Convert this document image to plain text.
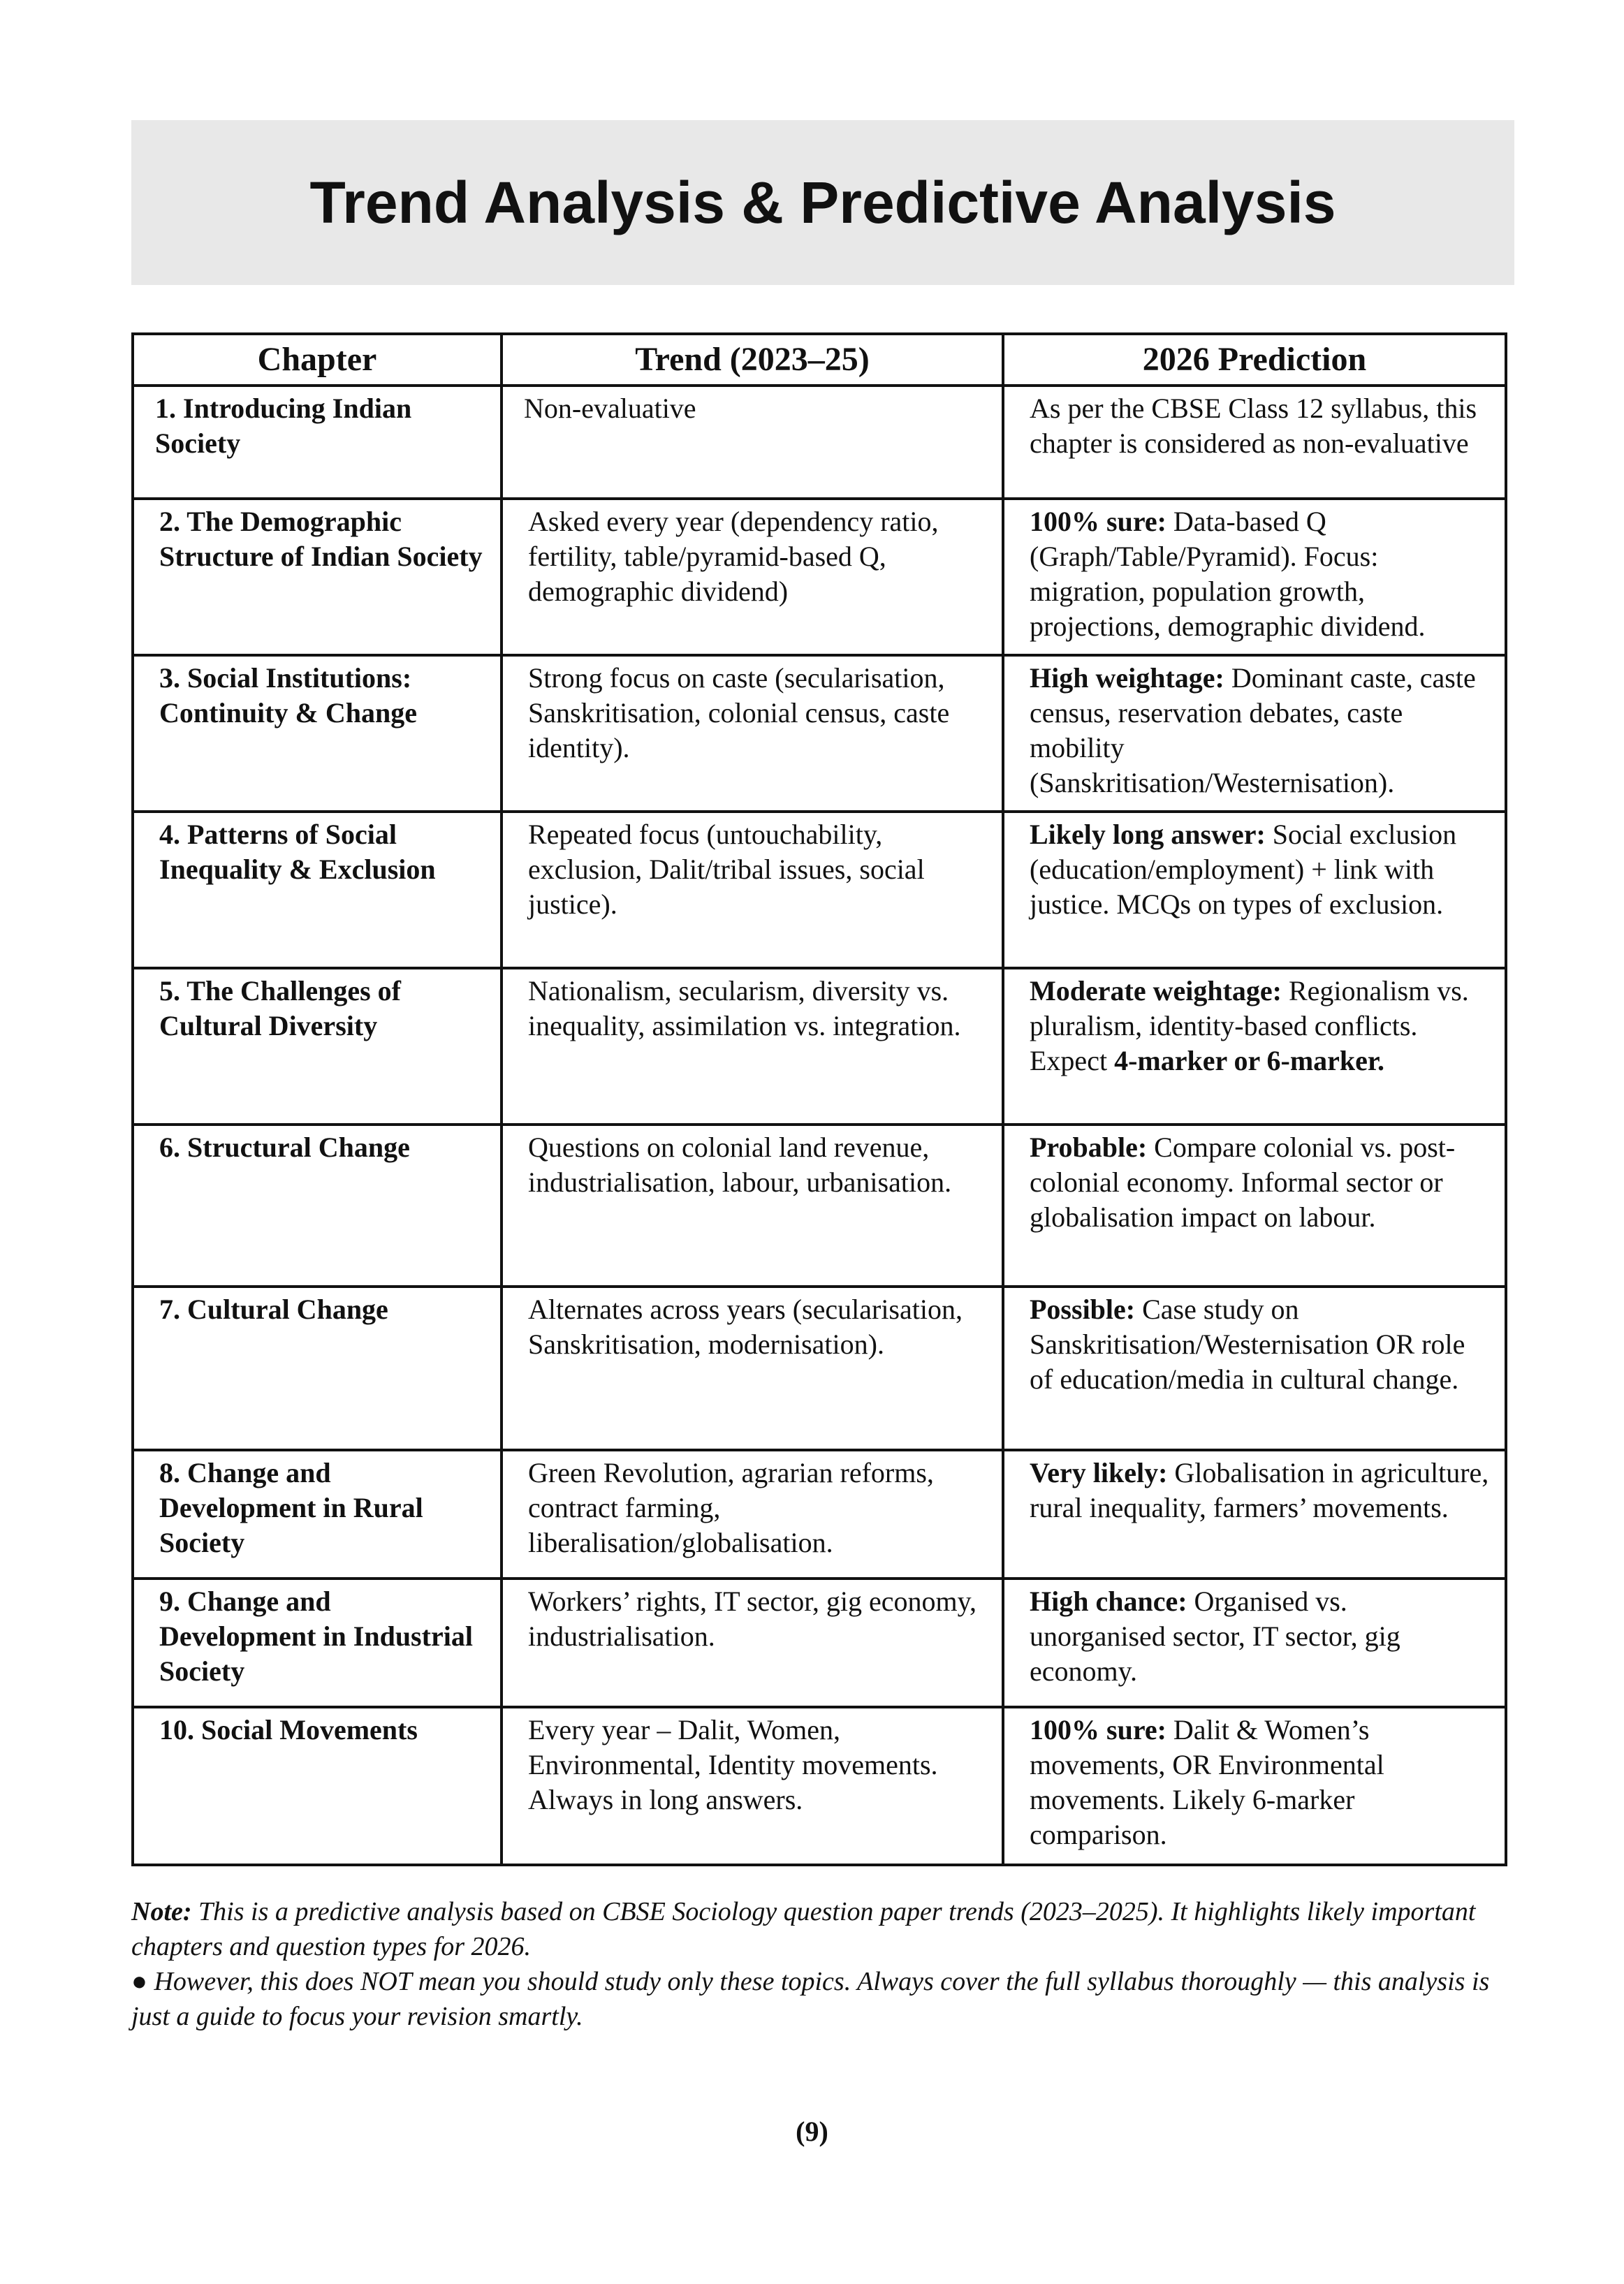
Trend Analysis & Predictive Analysis
Chapter	Trend (2023–25)	2026 Prediction
1. Introducing Indian Society	Non-evaluative	As per the CBSE Class 12 syllabus, this chapter is considered as non-evaluative
2. The Demographic Structure of Indian Society	Asked every year (dependency ratio, fertility, table/pyramid-based Q, demographic dividend)	100% sure: Data-based Q (Graph/Table/Pyramid). Focus: migration, population growth, projections, demographic dividend.
3. Social Institutions: Continuity & Change	Strong focus on caste (secularisation, Sanskritisation, colonial census, caste identity).	High weightage: Dominant caste, caste census, reservation debates, caste mobility (Sanskritisation/Westernisation).
4. Patterns of Social Inequality & Exclusion	Repeated focus (untouchability, exclusion, Dalit/tribal issues, social justice).	Likely long answer: Social exclusion (education/employment) + link with justice. MCQs on types of exclusion.
5. The Challenges of Cultural Diversity	Nationalism, secularism, diversity vs. inequality, assimilation vs. integration.	Moderate weightage: Regionalism vs. pluralism, identity-based conflicts. Expect 4-marker or 6-marker.
6. Structural Change	Questions on colonial land revenue, industrialisation, labour, urbanisation.	Probable: Compare colonial vs. post-colonial economy. Informal sector or globalisation impact on labour.
7. Cultural Change	Alternates across years (secularisation, Sanskritisation, modernisation).	Possible: Case study on Sanskritisation/Westernisation OR role of education/media in cultural change.
8. Change and Development in Rural Society	Green Revolution, agrarian reforms, contract farming, liberalisation/globalisation.	Very likely: Globalisation in agriculture, rural inequality, farmers’ movements.
9. Change and Development in Industrial Society	Workers’ rights, IT sector, gig economy, industrialisation.	High chance: Organised vs. unorganised sector, IT sector, gig economy.
10. Social Movements	Every year – Dalit, Women, Environmental, Identity movements. Always in long answers.	100% sure: Dalit & Women’s movements, OR Environmental movements. Likely 6-marker comparison.

Note: This is a predictive analysis based on CBSE Sociology question paper trends (2023–2025). It highlights likely important chapters and question types for 2026.

● However, this does NOT mean you should study only these topics. Always cover the full syllabus thoroughly — this analysis is just a guide to focus your revision smartly.

(9)
